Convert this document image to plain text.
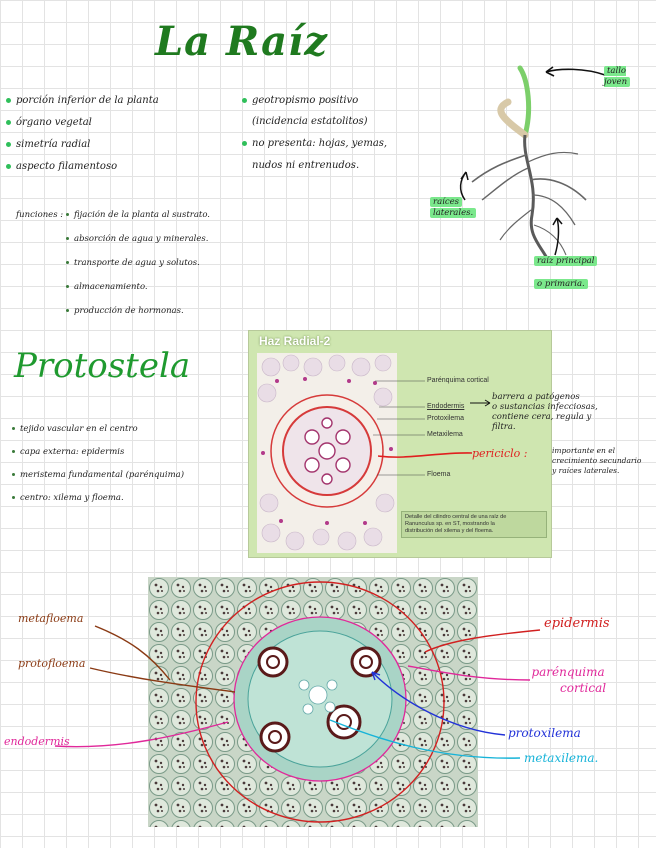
La Raíz
porción inferior de la planta
órgano vegetal
simetría radial
aspecto filamentoso
geotropismo positivo
(incidencia estatolitos)
no presenta: hojas, yemas,
nudos ni entrenudos.
tallo joven
raíces
laterales.
raíz principal
o primaria.
funciones :	fijación de la planta al sustrato.
absorción de agua y minerales.
transporte de agua y solutos.
almacenamiento.
producción de hormonas.
Protostela
tejido vascular en el centro
capa externa: epidermis
meristema fundamental (parénquima)
centro: xilema y floema.
Haz Radial-2
Parénquima cortical
Endodermis
Protoxilema
Metaxilema
Floema
Detalle del cilindro central de una raíz de
Ranunculus sp. en ST, mostrando la
distribución del xilema y del floema.
barrera a patógenos
o sustancias infecciosas,
contiene cera, regula y
filtra.
periciclo :	importante en el
crecimiento secundario
y raíces laterales.
metafloema
protofloema
endodermis
epidermis
parénquima
cortical
protoxilema
metaxilema.
